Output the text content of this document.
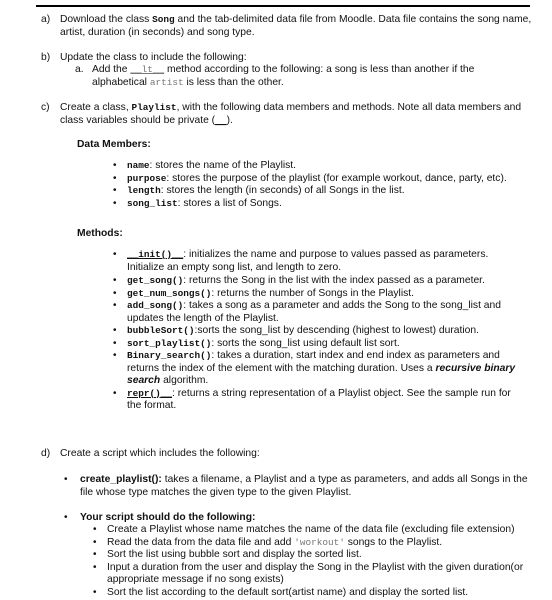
a) Download the class Song and the tab-delimited data file from Moodle. Data file contains the song name, artist, duration (in seconds) and song type.
b) Update the class to include the following:
a. Add the __lt__ method according to the following: a song is less than another if the alphabetical artist is less than the other.
c) Create a class, Playlist, with the following data members and methods. Note all data members and class variables should be private (__).
Data Members:
• name: stores the name of the Playlist.
• purpose: stores the purpose of the playlist (for example workout, dance, party, etc).
• length: stores the length (in seconds) of all Songs in the list.
• song_list: stores a list of Songs.
Methods:
• __init()__: initializes the name and purpose to values passed as parameters. Initialize an empty song list, and length to zero.
• get_song(): returns the Song in the list with the index passed as a parameter.
• get_num_songs(): returns the number of Songs in the Playlist.
• add_song(): takes a song as a parameter and adds the Song to the song_list and updates the length of the Playlist.
• bubbleSort():sorts the song_list by descending (highest to lowest) duration.
• sort_playlist(): sorts the song_list using default list sort.
• Binary_search(): takes a duration, start index and end index as parameters and returns the index of the element with the matching duration. Uses a recursive binary search algorithm.
• repr()__: returns a string representation of a Playlist object. See the sample run for the format.
d) Create a script which includes the following:
• create_playlist(): takes a filename, a Playlist and a type as parameters, and adds all Songs in the file whose type matches the given type to the given Playlist.
• Your script should do the following:
• Create a Playlist whose name matches the name of the data file (excluding file extension)
• Read the data from the data file and add 'workout' songs to the Playlist.
• Sort the list using bubble sort and display the sorted list.
• Input a duration from the user and display the Song in the Playlist with the given duration(or appropriate message if no song exists)
• Sort the list according to the default sort(artist name) and display the sorted list.
